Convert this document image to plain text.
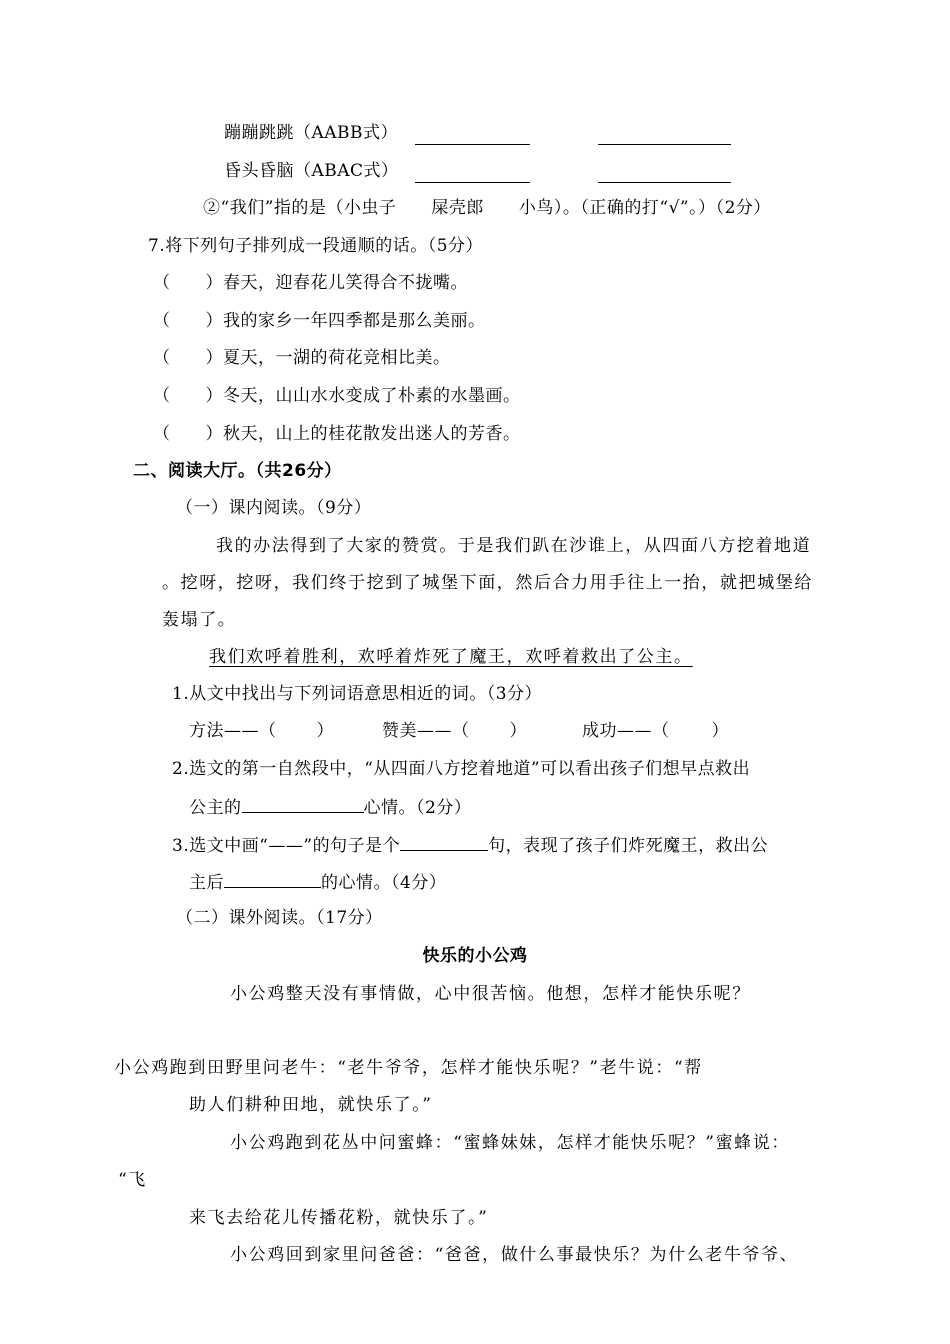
蹦蹦跳跳（AABB式）
昏头昏脑（ABAC式）
②“我们”指的是（小虫子　　屎壳郎　　小鸟）。（正确的打“√”。）（2分）
7.将下列句子排列成一段通顺的话。（5分）
（　　）春天，迎春花儿笑得合不拢嘴。
（　　）我的家乡一年四季都是那么美丽。
（　　）夏天，一湖的荷花竞相比美。
（　　）冬天，山山水水变成了朴素的水墨画。
（　　）秋天，山上的桂花散发出迷人的芳香。
二、阅读大厅。（共26分）
（一）课内阅读。（9分）
我的办法得到了大家的赞赏。于是我们趴在沙谁上，从四面八方挖着地道
。挖呀，挖呀，我们终于挖到了城堡下面，然后合力用手往上一抬，就把城堡给
轰塌了。
我们欢呼着胜利，欢呼着炸死了魔王，欢呼着救出了公主。
1.从文中找出与下列词语意思相近的词。（3分）
方法——（ ）	赞美——（ ）	成功——（ ）
2.选文的第一自然段中，“从四面八方挖着地道”可以看出孩子们想早点救出
公主的	心情。（2分）
3.选文中画“——”的句子是个	句，表现了孩子们炸死魔王，救出公
主后	的心情。（4分）
（二）课外阅读。（17分）
快乐的小公鸡
小公鸡整天没有事情做，心中很苦恼。他想，怎样才能快乐呢？
小公鸡跑到田野里问老牛：“老牛爷爷，怎样才能快乐呢？”老牛说：“帮
助人们耕种田地，就快乐了。”
小公鸡跑到花丛中问蜜蜂：“蜜蜂妹妹，怎样才能快乐呢？”蜜蜂说：
“飞
来飞去给花儿传播花粉，就快乐了。”
小公鸡回到家里问爸爸：“爸爸，做什么事最快乐？为什么老牛爷爷、
